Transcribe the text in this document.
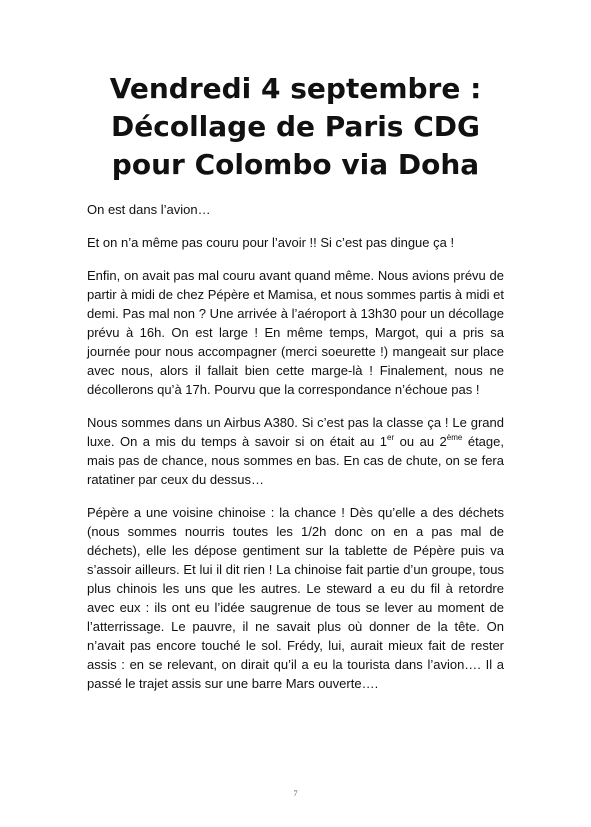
Vendredi 4 septembre :
Décollage de Paris CDG
pour Colombo via Doha

On est dans l’avion…

Et on n’a même pas couru pour l’avoir !! Si c’est pas dingue ça !

Enfin, on avait pas mal couru avant quand même. Nous avions prévu de partir à midi de chez Pépère et Mamisa, et nous sommes partis à midi et demi. Pas mal non ? Une arrivée à l’aéroport à 13h30 pour un décollage prévu à 16h. On est large ! En même temps, Margot, qui a pris sa journée pour nous accompagner (merci soeurette !) mangeait sur place avec nous, alors il fallait bien cette marge-là ! Finalement, nous ne décollerons qu’à 17h. Pourvu que la correspondance n’échoue pas !

Nous sommes dans un Airbus A380. Si c’est pas la classe ça ! Le grand luxe. On a mis du temps à savoir si on était au 1er ou au 2ème étage, mais pas de chance, nous sommes en bas. En cas de chute, on se fera ratatiner par ceux du dessus…

Pépère a une voisine chinoise : la chance ! Dès qu’elle a des déchets (nous sommes nourris toutes les 1/2h donc on en a pas mal de déchets), elle les dépose gentiment sur la tablette de Pépère puis va s’assoir ailleurs. Et lui il dit rien ! La chinoise fait partie d’un groupe, tous plus chinois les uns que les autres. Le steward a eu du fil à retordre avec eux : ils ont eu l’idée saugrenue de tous se lever au moment de l’atterrissage. Le pauvre, il ne savait plus où donner de la tête. On n’avait pas encore touché le sol. Frédy, lui, aurait mieux fait de rester assis : en se relevant, on dirait qu’il a eu la tourista dans l’avion…. Il a passé le trajet assis sur une barre Mars ouverte….

7
